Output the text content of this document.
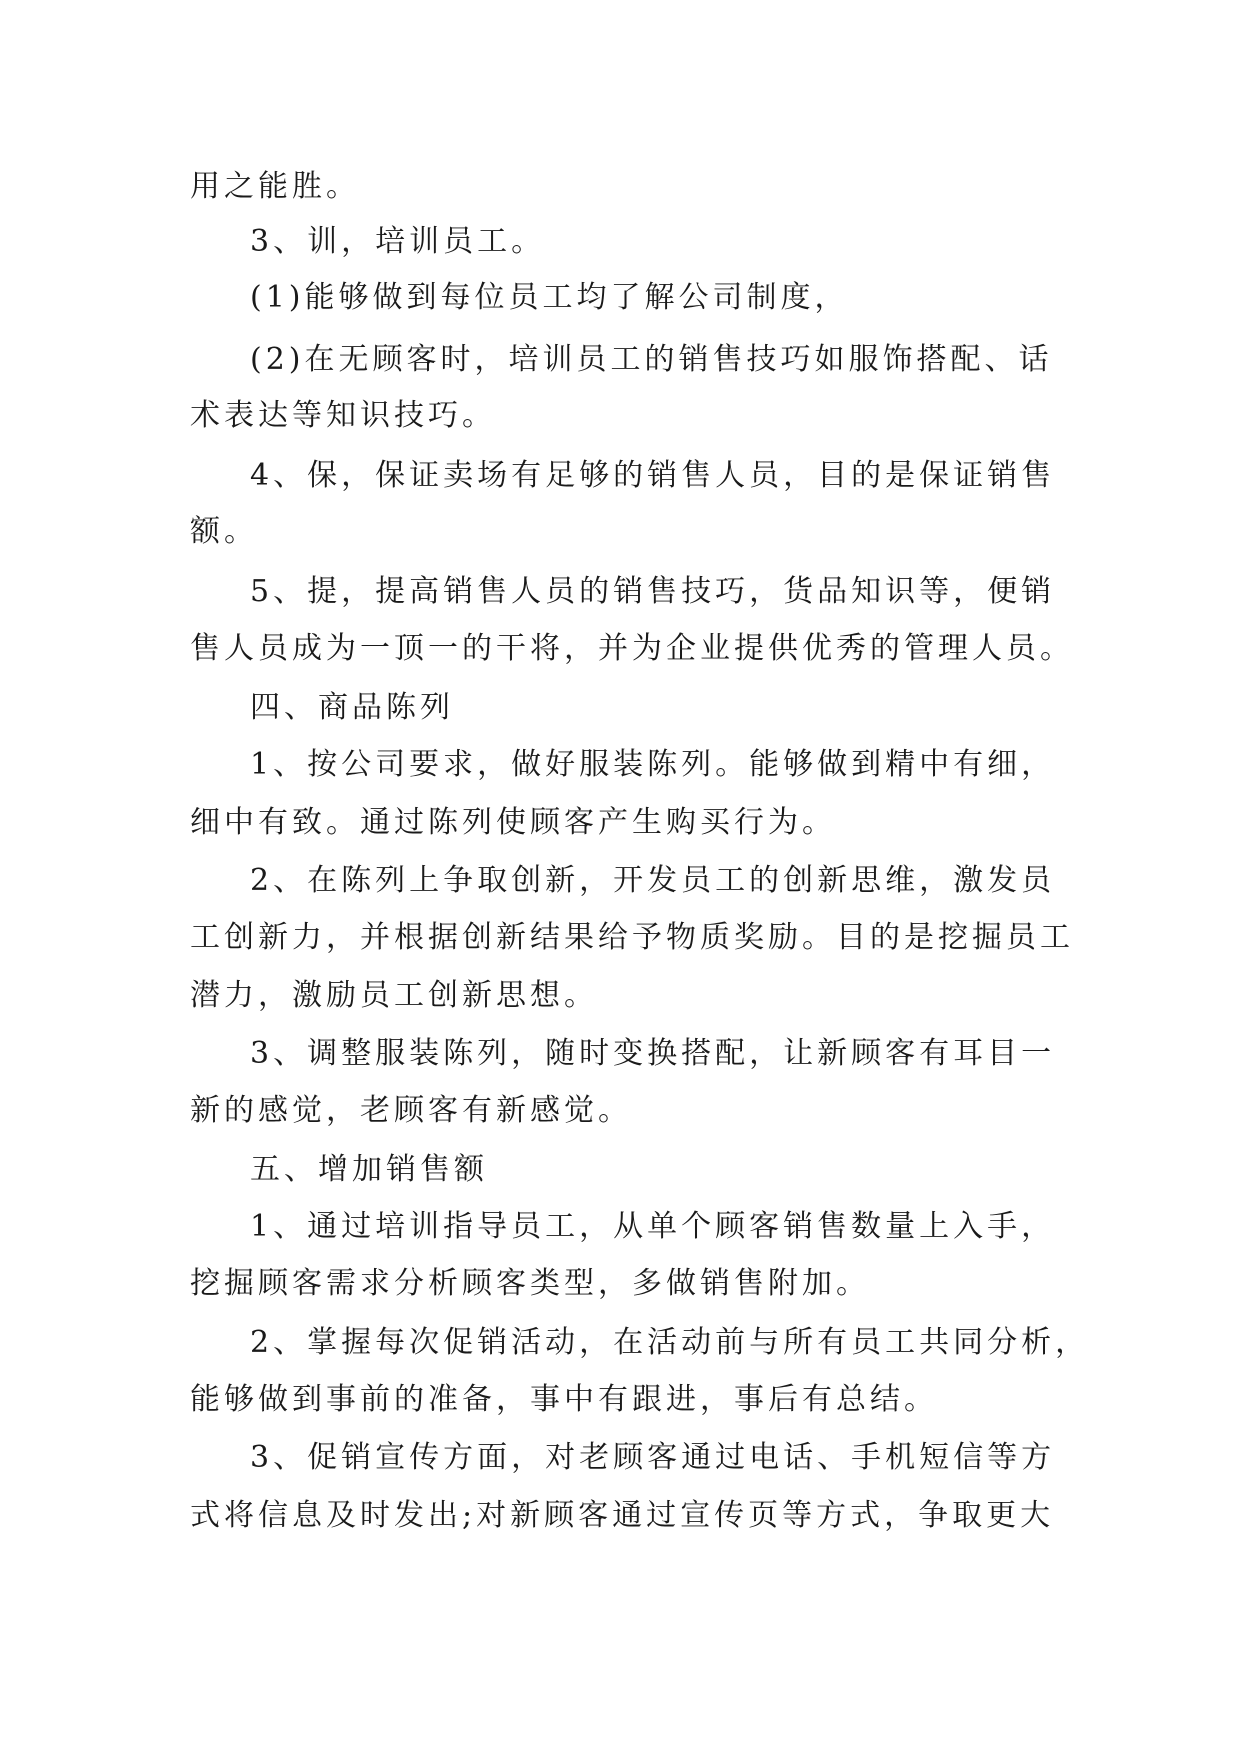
用之能胜。
3、训，培训员工。
(1)能够做到每位员工均了解公司制度，
(2)在无顾客时，培训员工的销售技巧如服饰搭配、话
术表达等知识技巧。
4、保，保证卖场有足够的销售人员，目的是保证销售
额。
5、提，提高销售人员的销售技巧，货品知识等，便销
售人员成为一顶一的干将，并为企业提供优秀的管理人员。
四、商品陈列
1、按公司要求，做好服装陈列。能够做到精中有细，
细中有致。通过陈列使顾客产生购买行为。
2、在陈列上争取创新，开发员工的创新思维，激发员
工创新力，并根据创新结果给予物质奖励。目的是挖掘员工
潜力，激励员工创新思想。
3、调整服装陈列，随时变换搭配，让新顾客有耳目一
新的感觉，老顾客有新感觉。
五、增加销售额
1、通过培训指导员工，从单个顾客销售数量上入手，
挖掘顾客需求分析顾客类型，多做销售附加。
2、掌握每次促销活动，在活动前与所有员工共同分析，
能够做到事前的准备，事中有跟进，事后有总结。
3、促销宣传方面，对老顾客通过电话、手机短信等方
式将信息及时发出;对新顾客通过宣传页等方式，争取更大
